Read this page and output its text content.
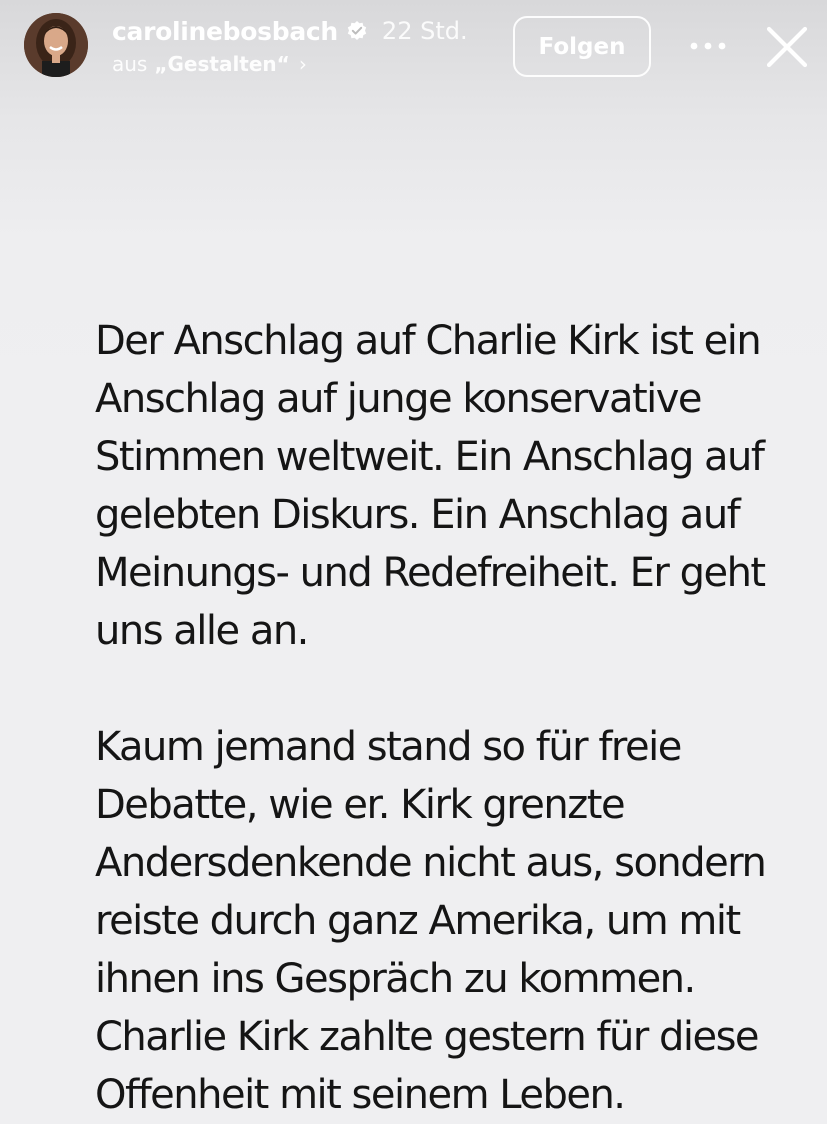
carolinebosbach 22 Std.
aus „Gestalten“ ›
Folgen

Der Anschlag auf Charlie Kirk ist ein
Anschlag auf junge konservative
Stimmen weltweit. Ein Anschlag auf
gelebten Diskurs. Ein Anschlag auf
Meinungs- und Redefreiheit. Er geht
uns alle an.

Kaum jemand stand so für freie
Debatte, wie er. Kirk grenzte
Andersdenkende nicht aus, sondern
reiste durch ganz Amerika, um mit
ihnen ins Gespräch zu kommen.
Charlie Kirk zahlte gestern für diese
Offenheit mit seinem Leben.
